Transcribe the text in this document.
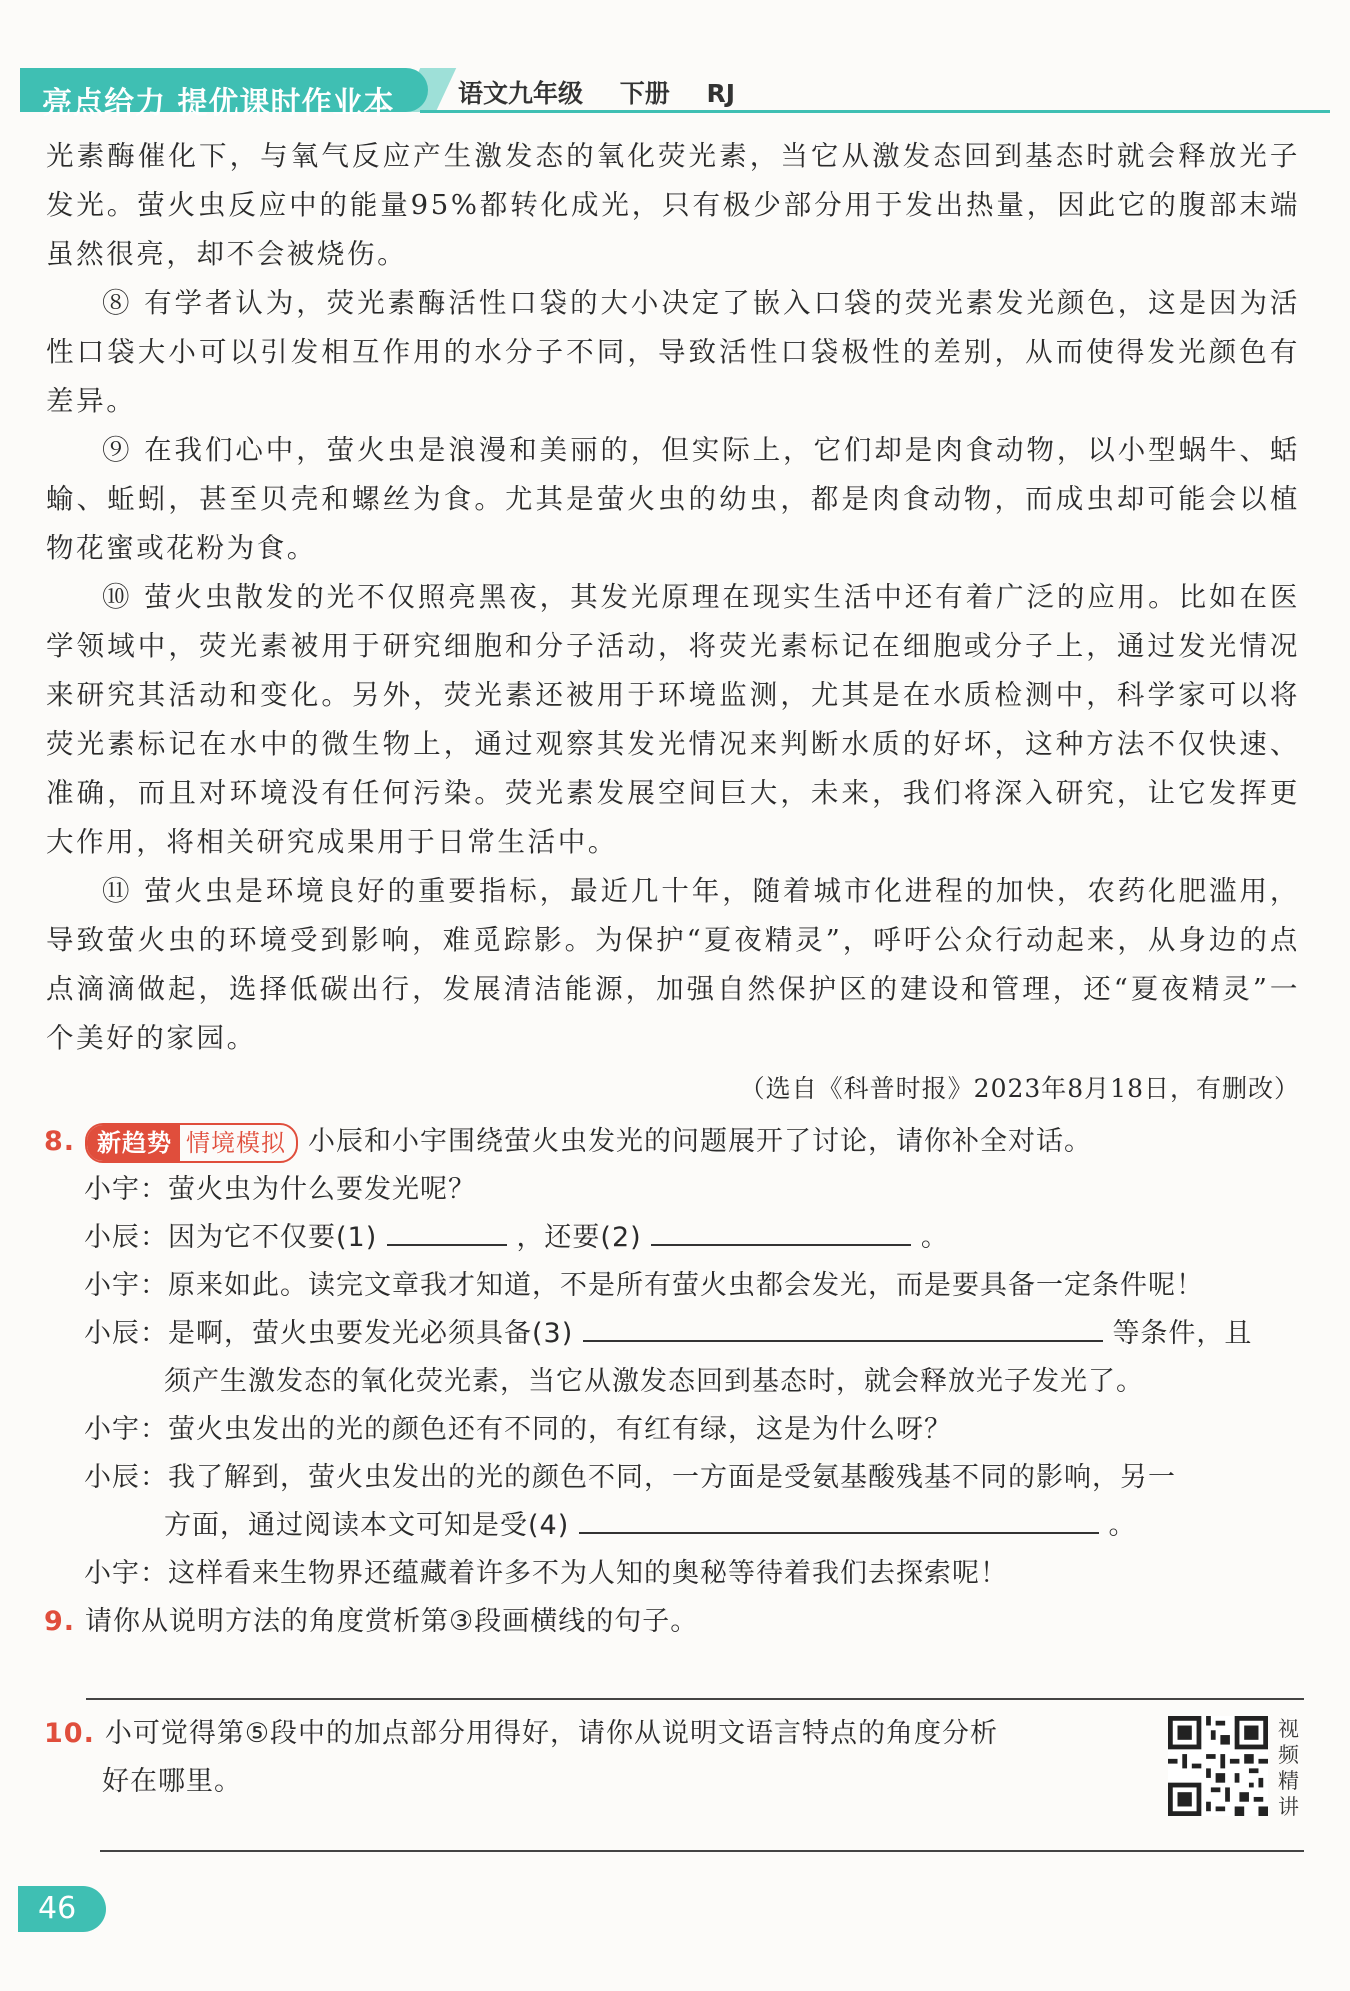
亮点给力 提优课时作业本	语文九年级 下册 RJ

光素酶催化下，与氧气反应产生激发态的氧化荧光素，当它从激发态回到基态时就会释放光子发光。萤火虫反应中的能量95%都转化成光，只有极少部分用于发出热量，因此它的腹部末端虽然很亮，却不会被烧伤。

⑧ 有学者认为，荧光素酶活性口袋的大小决定了嵌入口袋的荧光素发光颜色，这是因为活性口袋大小可以引发相互作用的水分子不同，导致活性口袋极性的差别，从而使得发光颜色有差异。

⑨ 在我们心中，萤火虫是浪漫和美丽的，但实际上，它们却是肉食动物，以小型蜗牛、蛞蝓、蚯蚓，甚至贝壳和螺丝为食。尤其是萤火虫的幼虫，都是肉食动物，而成虫却可能会以植物花蜜或花粉为食。

⑩ 萤火虫散发的光不仅照亮黑夜，其发光原理在现实生活中还有着广泛的应用。比如在医学领域中，荧光素被用于研究细胞和分子活动，将荧光素标记在细胞或分子上，通过发光情况来研究其活动和变化。另外，荧光素还被用于环境监测，尤其是在水质检测中，科学家可以将荧光素标记在水中的微生物上，通过观察其发光情况来判断水质的好坏，这种方法不仅快速、准确，而且对环境没有任何污染。荧光素发展空间巨大，未来，我们将深入研究，让它发挥更大作用，将相关研究成果用于日常生活中。

⑪ 萤火虫是环境良好的重要指标，最近几十年，随着城市化进程的加快，农药化肥滥用，导致萤火虫的环境受到影响，难觅踪影。为保护“夏夜精灵”，呼吁公众行动起来，从身边的点点滴滴做起，选择低碳出行，发展清洁能源，加强自然保护区的建设和管理，还“夏夜精灵”一个美好的家园。

（选自《科普时报》2023年8月18日，有删改）

8. 新趋势 情境模拟 小辰和小宇围绕萤火虫发光的问题展开了讨论，请你补全对话。
小宇：萤火虫为什么要发光呢？
小辰：因为它不仅要(1)	，还要(2)	。
小宇：原来如此。读完文章我才知道，不是所有萤火虫都会发光，而是要具备一定条件呢！
小辰：是啊，萤火虫要发光必须具备(3)	等条件，且
须产生激发态的氧化荧光素，当它从激发态回到基态时，就会释放光子发光了。
小宇：萤火虫发出的光的颜色还有不同的，有红有绿，这是为什么呀？
小辰：我了解到，萤火虫发出的光的颜色不同，一方面是受氨基酸残基不同的影响，另一
方面，通过阅读本文可知是受(4)	。
小宇：这样看来生物界还蕴藏着许多不为人知的奥秘等待着我们去探索呢！
9. 请你从说明方法的角度赏析第③段画横线的句子。
10. 小可觉得第⑤段中的加点部分用得好，请你从说明文语言特点的角度分析
好在哪里。
视频精讲
46
